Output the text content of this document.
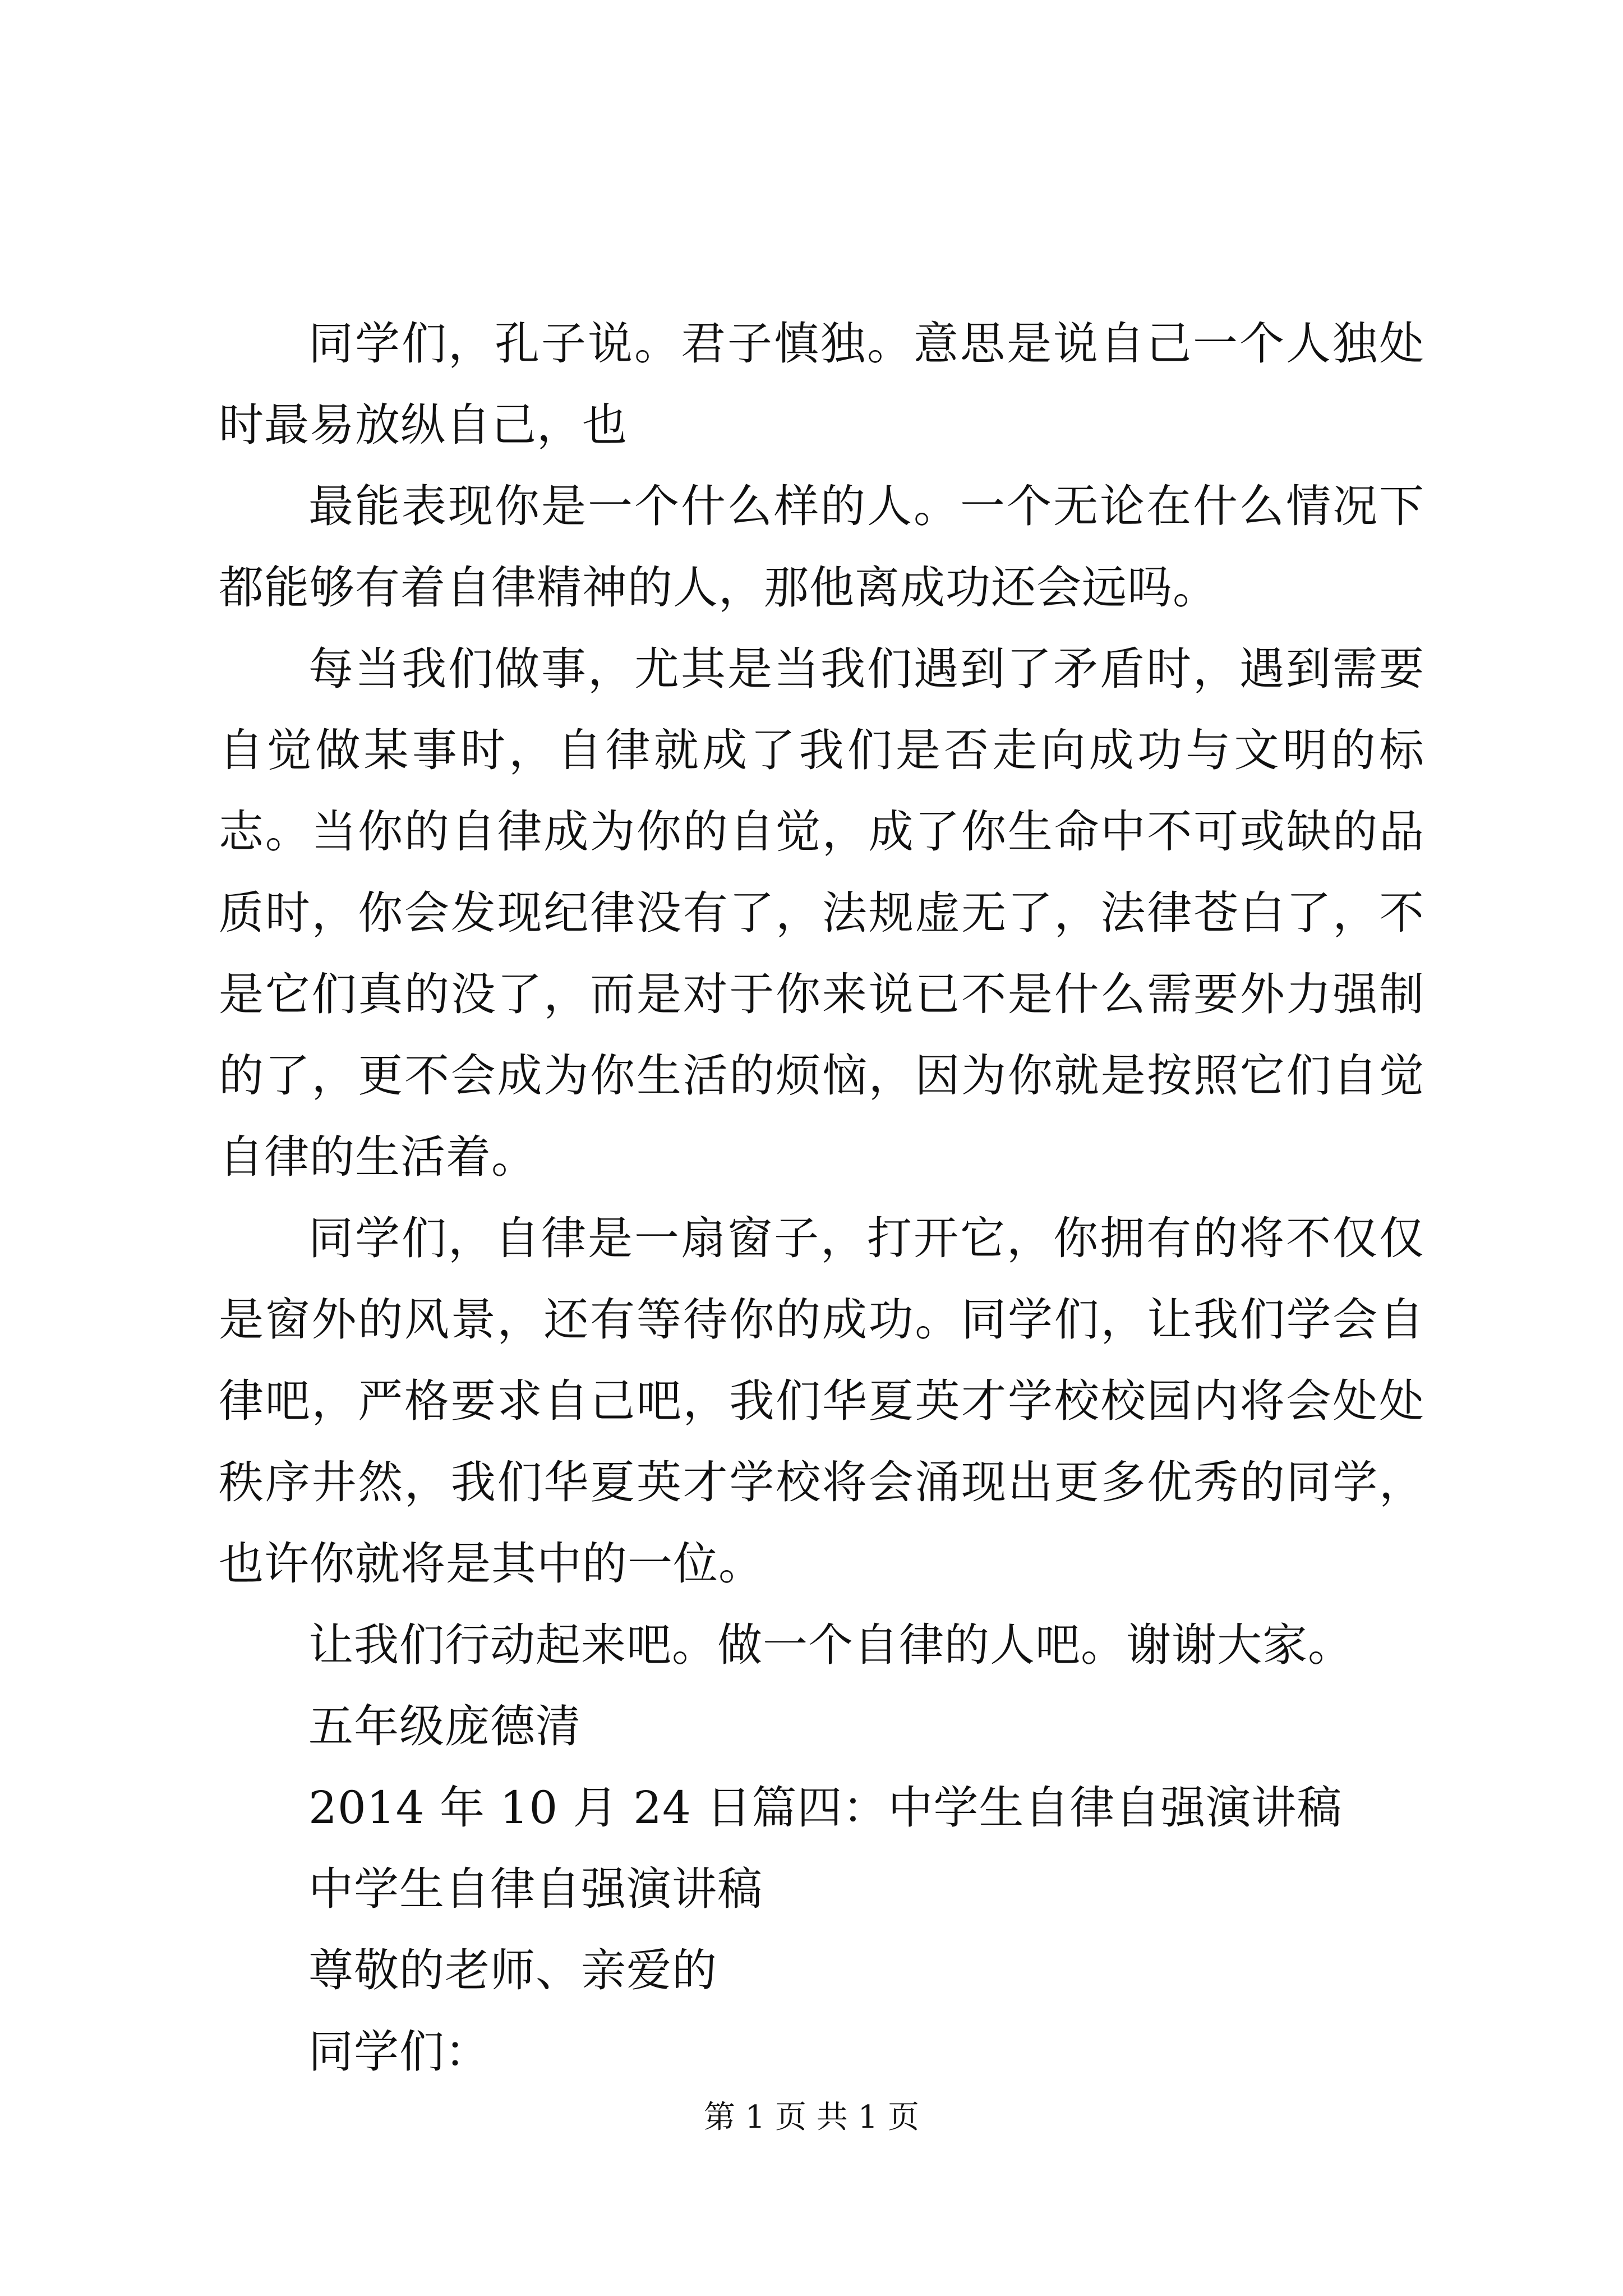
同学们，孔子说。君子慎独。意思是说自己一个人独处时最易放纵自己，也

最能表现你是一个什么样的人。一个无论在什么情况下都能够有着自律精神的人，那他离成功还会远吗。

每当我们做事，尤其是当我们遇到了矛盾时，遇到需要自觉做某事时，自律就成了我们是否走向成功与文明的标志。当你的自律成为你的自觉，成了你生命中不可或缺的品质时，你会发现纪律没有了，法规虚无了，法律苍白了，不是它们真的没了，而是对于你来说已不是什么需要外力强制的了，更不会成为你生活的烦恼，因为你就是按照它们自觉自律的生活着。

同学们，自律是一扇窗子，打开它，你拥有的将不仅仅是窗外的风景，还有等待你的成功。同学们，让我们学会自律吧，严格要求自己吧，我们华夏英才学校校园内将会处处秩序井然，我们华夏英才学校将会涌现出更多优秀的同学，也许你就将是其中的一位。

让我们行动起来吧。做一个自律的人吧。谢谢大家。

五年级庞德清

2014 年 10 月 24 日篇四：中学生自律自强演讲稿

中学生自律自强演讲稿

尊敬的老师、亲爱的

同学们：

第 1 页 共 1 页
